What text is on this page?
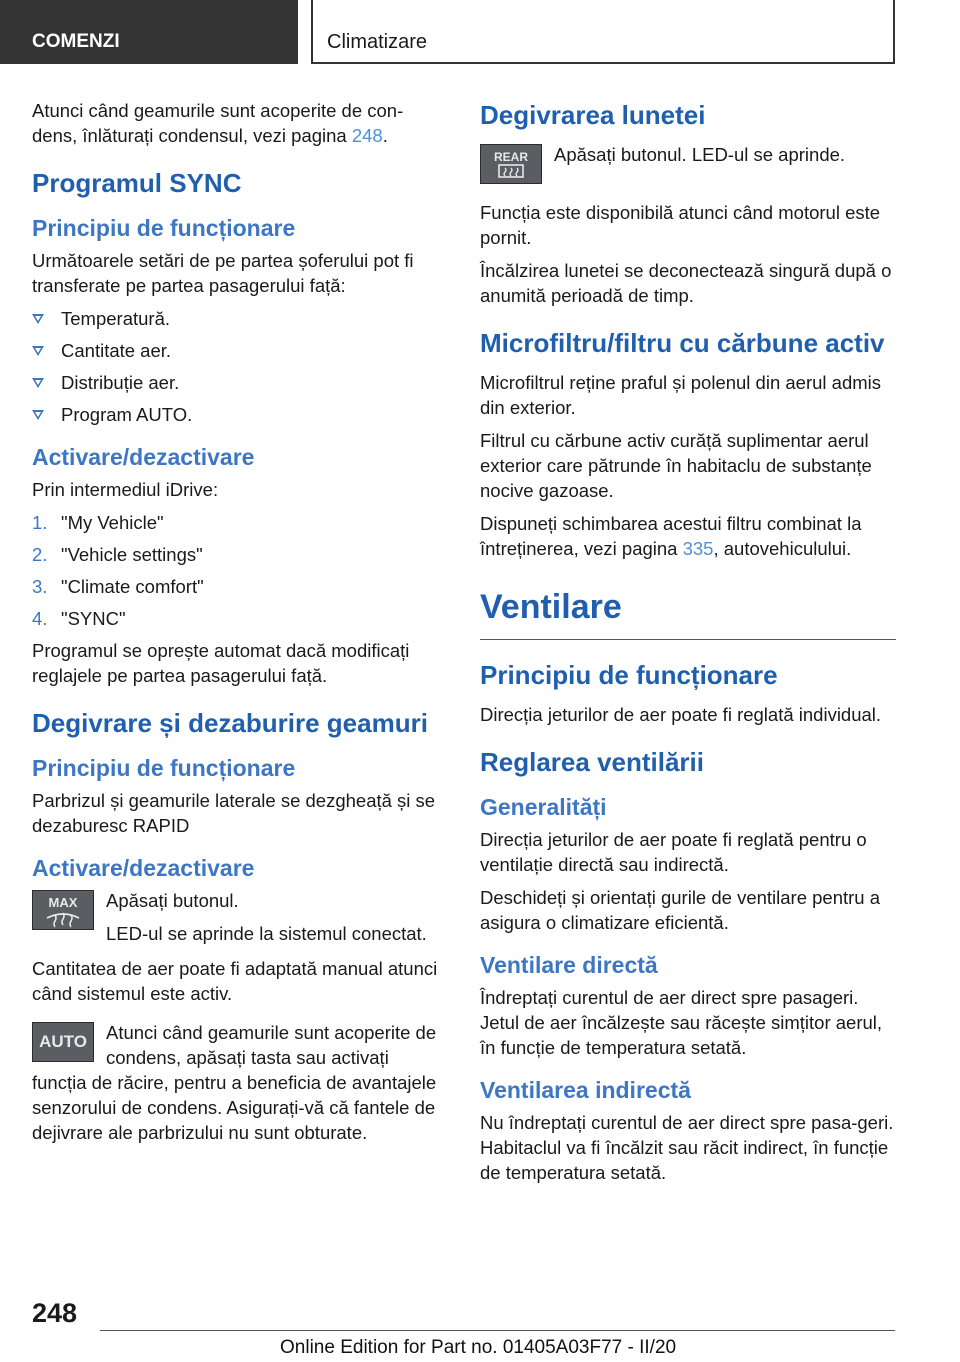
COMENZI	Climatizare

Atunci când geamurile sunt acoperite de con‐dens, înlăturați condensul, vezi pagina 248.

Programul SYNC
Principiu de funcționare

Următoarele setări de pe partea șoferului pot fi transferate pe partea pasagerului față:

Temperatură.
Cantitate aer.
Distribuție aer.
Program AUTO.
Activare/dezactivare

Prin intermediul iDrive:

1. "My Vehicle"
2. "Vehicle settings"
3. "Climate comfort"
4. "SYNC"

Programul se oprește automat dacă modificați reglajele pe partea pasagerului față.

Degivrare și dezaburire geamuri
Principiu de funcționare

Parbrizul și geamurile laterale se dezgheață și se dezaburesc RAPID

Activare/dezactivare
MAX Apăsați butonul.

LED-ul se aprinde la sistemul conectat.

Cantitatea de aer poate fi adaptată manual atunci când sistemul este activ.

AUTO	Atunci când geamurile sunt acoperite de condens, apăsați tasta sau activați funcția de răcire, pentru a beneficia de avantajele senzorului de condens. Asigurați-vă că fantele de dejivrare ale parbrizului nu sunt obturate.

Degivrarea lunetei
REAR Apăsați butonul. LED-ul se aprinde.

Funcția este disponibilă atunci când motorul este pornit.

Încălzirea lunetei se deconectează singură după o anumită perioadă de timp.

Microfiltru/filtru cu cărbune activ

Microfiltrul reține praful și polenul din aerul admis din exterior.

Filtrul cu cărbune activ curăță suplimentar aerul exterior care pătrunde în habitaclu de substanțe nocive gazoase.

Dispuneți schimbarea acestui filtru combinat la întreținerea, vezi pagina 335, autovehiculului.

Ventilare
Principiu de funcționare

Direcția jeturilor de aer poate fi reglată individual.

Reglarea ventilării
Generalități

Direcția jeturilor de aer poate fi reglată pentru o ventilație directă sau indirectă.

Deschideți și orientați gurile de ventilare pentru a asigura o climatizare eficientă.

Ventilare directă

Îndreptați curentul de aer direct spre pasageri. Jetul de aer încălzește sau răcește simțitor aerul, în funcție de temperatura setată.

Ventilarea indirectă

Nu îndreptați curentul de aer direct spre pasa‐geri. Habitaclul va fi încălzit sau răcit indirect, în funcție de temperatura setată.

248
Online Edition for Part no. 01405A03F77 - II/20
